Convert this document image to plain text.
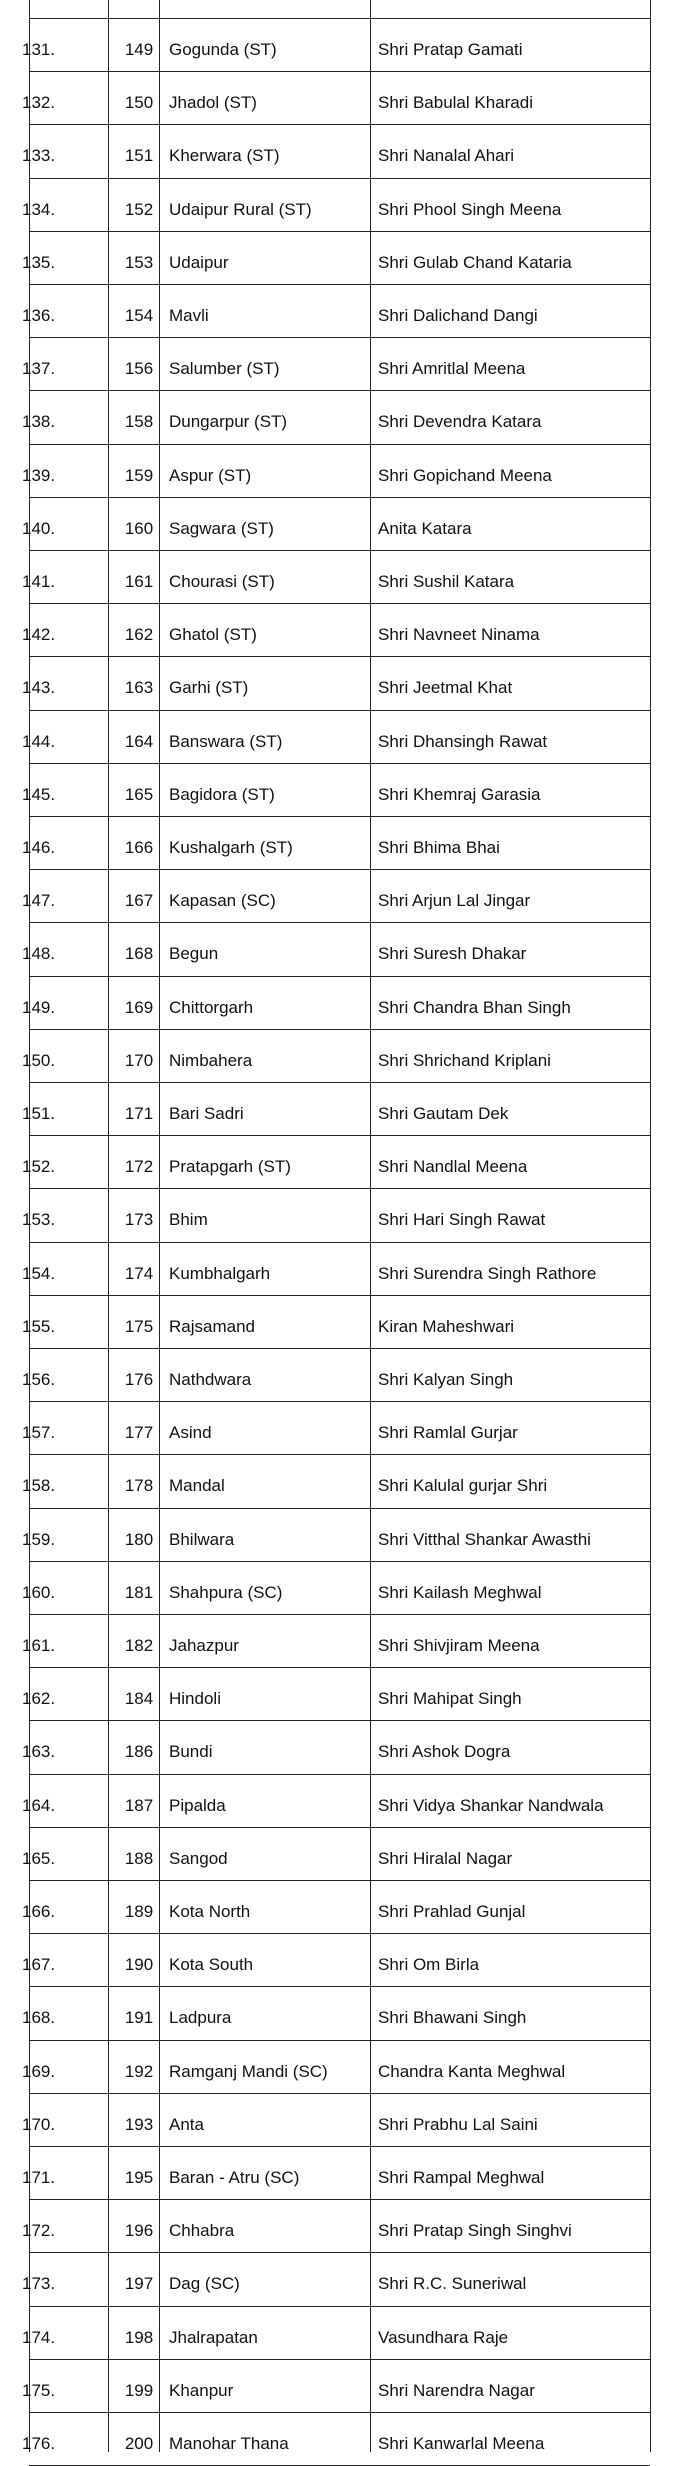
131.	149 Gogunda (ST)	Shri Pratap Gamati
132.	150 Jhadol (ST)	Shri Babulal Kharadi
133.	151 Kherwara (ST)	Shri Nanalal Ahari
134.	152 Udaipur Rural (ST)	Shri Phool Singh Meena
135.	153 Udaipur	Shri Gulab Chand Kataria
136.	154 Mavli	Shri Dalichand Dangi
137.	156 Salumber (ST)	Shri Amritlal Meena
138.	158 Dungarpur (ST)	Shri Devendra Katara
139.	159 Aspur (ST)	Shri Gopichand Meena
140.	160 Sagwara (ST)	Anita Katara
141.	161 Chourasi (ST)	Shri Sushil Katara
142.	162 Ghatol (ST)	Shri Navneet Ninama
143.	163 Garhi (ST)	Shri Jeetmal Khat
144.	164 Banswara (ST)	Shri Dhansingh Rawat
145.	165 Bagidora (ST)	Shri Khemraj Garasia
146.	166 Kushalgarh (ST)	Shri Bhima Bhai
147.	167 Kapasan (SC)	Shri Arjun Lal Jingar
148.	168 Begun	Shri Suresh Dhakar
149.	169 Chittorgarh	Shri Chandra Bhan Singh
150.	170 Nimbahera	Shri Shrichand Kriplani
151.	171 Bari Sadri	Shri Gautam Dek
152.	172 Pratapgarh (ST)	Shri Nandlal Meena
153.	173 Bhim	Shri Hari Singh Rawat
154.	174 Kumbhalgarh	Shri Surendra Singh Rathore
155.	175 Rajsamand	Kiran Maheshwari
156.	176 Nathdwara	Shri Kalyan Singh
157.	177 Asind	Shri Ramlal Gurjar
158.	178 Mandal	Shri Kalulal gurjar Shri
159.	180 Bhilwara	Shri Vitthal Shankar Awasthi
160.	181 Shahpura (SC)	Shri Kailash Meghwal
161.	182 Jahazpur	Shri Shivjiram Meena
162.	184 Hindoli	Shri Mahipat Singh
163.	186 Bundi	Shri Ashok Dogra
164.	187 Pipalda	Shri Vidya Shankar Nandwala
165.	188 Sangod	Shri Hiralal Nagar
166.	189 Kota North	Shri Prahlad Gunjal
167.	190 Kota South	Shri Om Birla
168.	191 Ladpura	Shri Bhawani Singh
169.	192 Ramganj Mandi (SC)	Chandra Kanta Meghwal
170.	193 Anta	Shri Prabhu Lal Saini
171.	195 Baran - Atru (SC)	Shri Rampal Meghwal
172.	196 Chhabra	Shri Pratap Singh Singhvi
173.	197 Dag (SC)	Shri R.C. Suneriwal
174.	198 Jhalrapatan	Vasundhara Raje
175.	199 Khanpur	Shri Narendra Nagar
176.	200 Manohar Thana	Shri Kanwarlal Meena
